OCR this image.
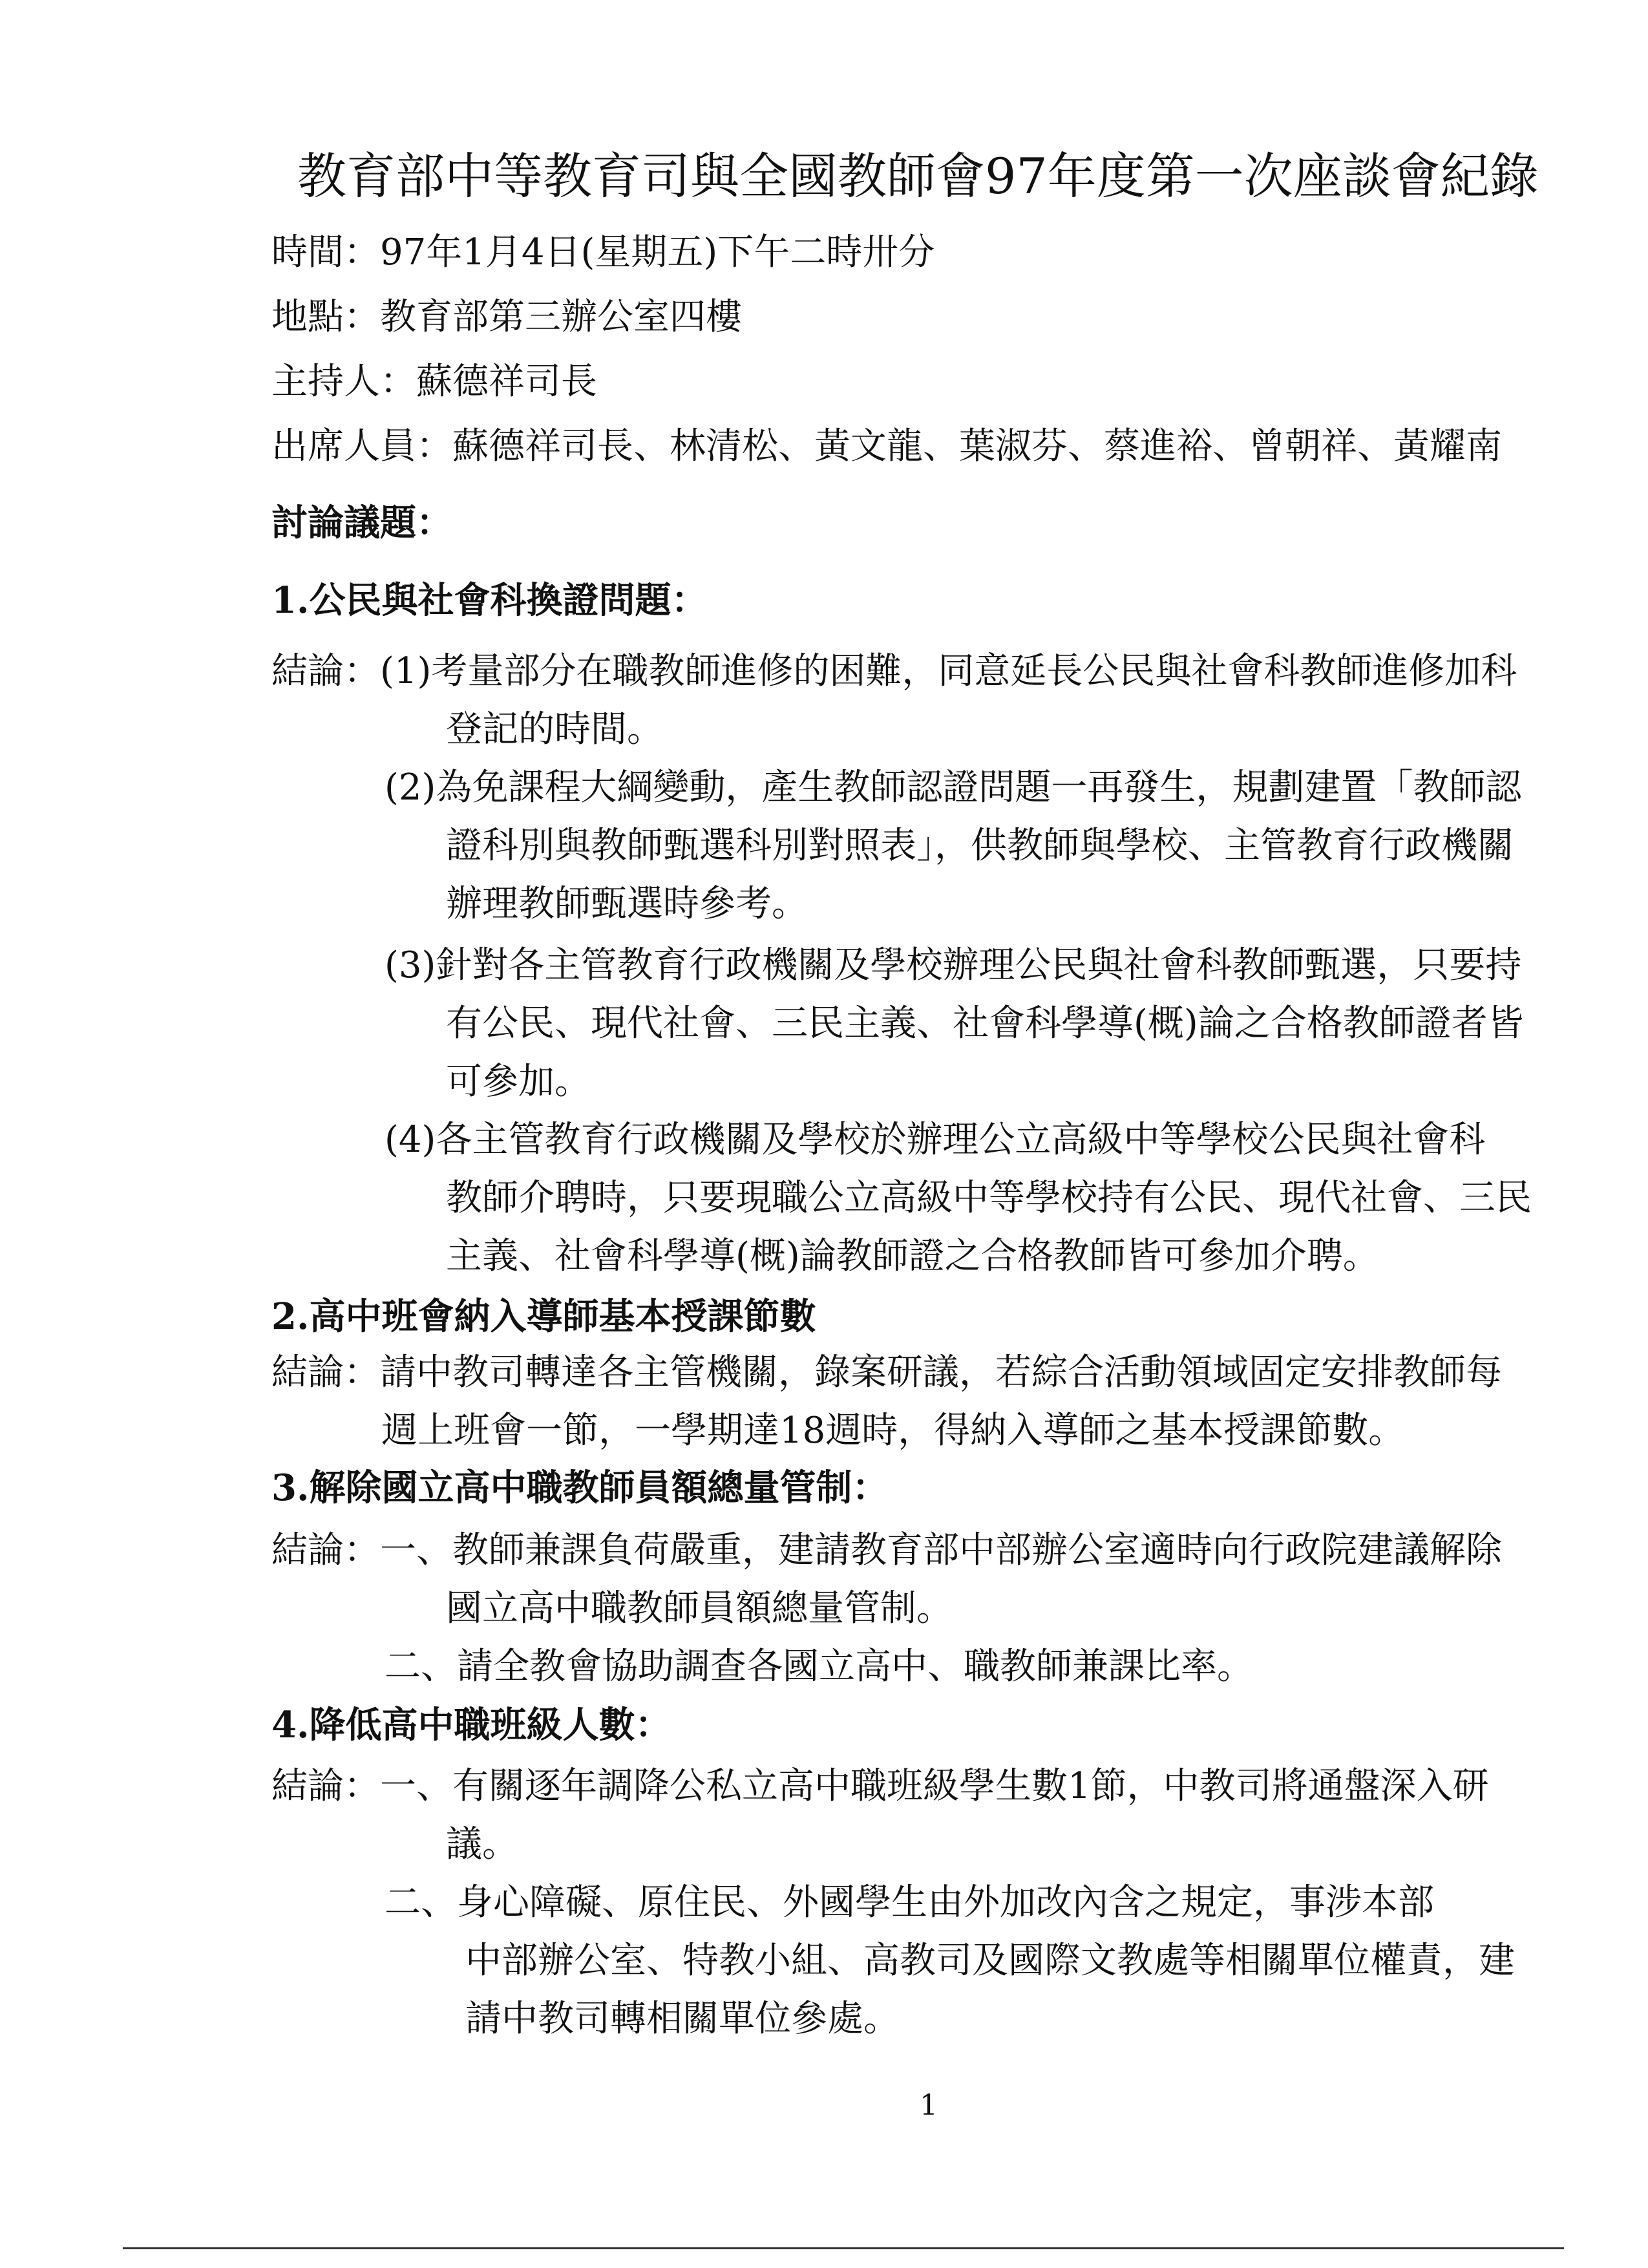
教育部中等教育司與全國教師會97年度第一次座談會紀錄
時間：97年1月4日(星期五)下午二時卅分
地點：教育部第三辦公室四樓
主持人：蘇德祥司長
出席人員：蘇德祥司長、林清松、黃文龍、葉淑芬、蔡進裕、曾朝祥、黃耀南
討論議題：
1.公民與社會科換證問題：
結論：(1)考量部分在職教師進修的困難，同意延長公民與社會科教師進修加科
登記的時間。
(2)為免課程大綱變動，產生教師認證問題一再發生，規劃建置「教師認
證科別與教師甄選科別對照表」，供教師與學校、主管教育行政機關
辦理教師甄選時參考。
(3)針對各主管教育行政機關及學校辦理公民與社會科教師甄選，只要持
有公民、現代社會、三民主義、社會科學導(概)論之合格教師證者皆
可參加。
(4)各主管教育行政機關及學校於辦理公立高級中等學校公民與社會科
教師介聘時，只要現職公立高級中等學校持有公民、現代社會、三民
主義、社會科學導(概)論教師證之合格教師皆可參加介聘。
2.高中班會納入導師基本授課節數
結論：請中教司轉達各主管機關，錄案研議，若綜合活動領域固定安排教師每
週上班會一節，一學期達18週時，得納入導師之基本授課節數。
3.解除國立高中職教師員額總量管制：
結論：一、教師兼課負荷嚴重，建請教育部中部辦公室適時向行政院建議解除
國立高中職教師員額總量管制。
二、請全教會協助調查各國立高中、職教師兼課比率。
4.降低高中職班級人數：
結論：一、有關逐年調降公私立高中職班級學生數1節，中教司將通盤深入研
議。
二、身心障礙、原住民、外國學生由外加改內含之規定，事涉本部
中部辦公室、特教小組、高教司及國際文教處等相關單位權責，建
請中教司轉相關單位參處。
1
